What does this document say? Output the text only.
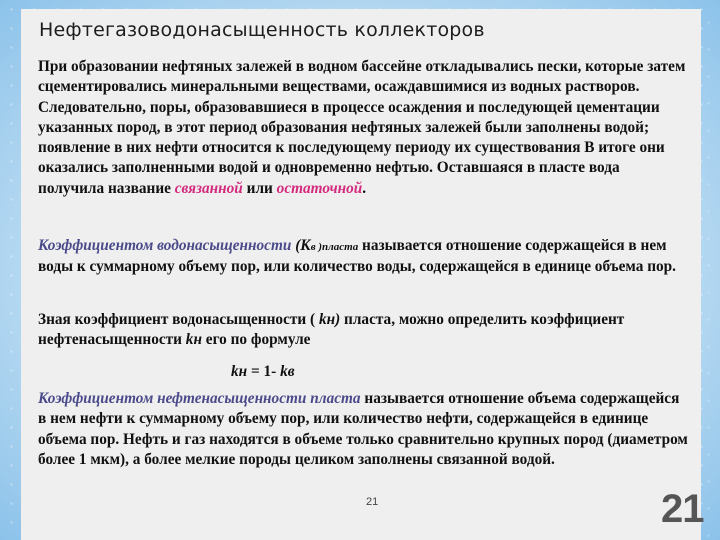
Нефтегазоводонасыщенность коллекторов

При образовании нефтяных залежей в водном бассейне откладывались пески, которые затем сцементировались минеральными веществами, осаждавшимися из водных растворов. Следовательно, поры, образовавшиеся в процессе осаждения и последующей цементации указанных пород, в этот период образования нефтяных залежей были заполнены водой; появление в них нефти относится к последующему периоду их существования В итоге они оказались заполненными водой и одновременно нефтью. Оставшаяся в пласте вода получила название связанной или остаточной.

Коэффициентом водонасыщенности (Кв )пласта называется отношение содержащейся в нем воды к суммарному объему пор, или количество воды, содержащейся в единице объема пор.

Зная коэффициент водонасыщенности ( kн) пласта, можно определить коэффициент нефтенасыщенности kн его по формуле

kн = 1- kв

Коэффициентом нефтенасыщенности пласта называется отношение объема содержащейся в нем нефти к суммарному объему пор, или количество нефти, содержащейся в единице объема пор. Нефть и газ находятся в объеме только сравнительно крупных пород (диаметром более 1 мкм), а более мелкие породы целиком заполнены связанной водой.

21	21
